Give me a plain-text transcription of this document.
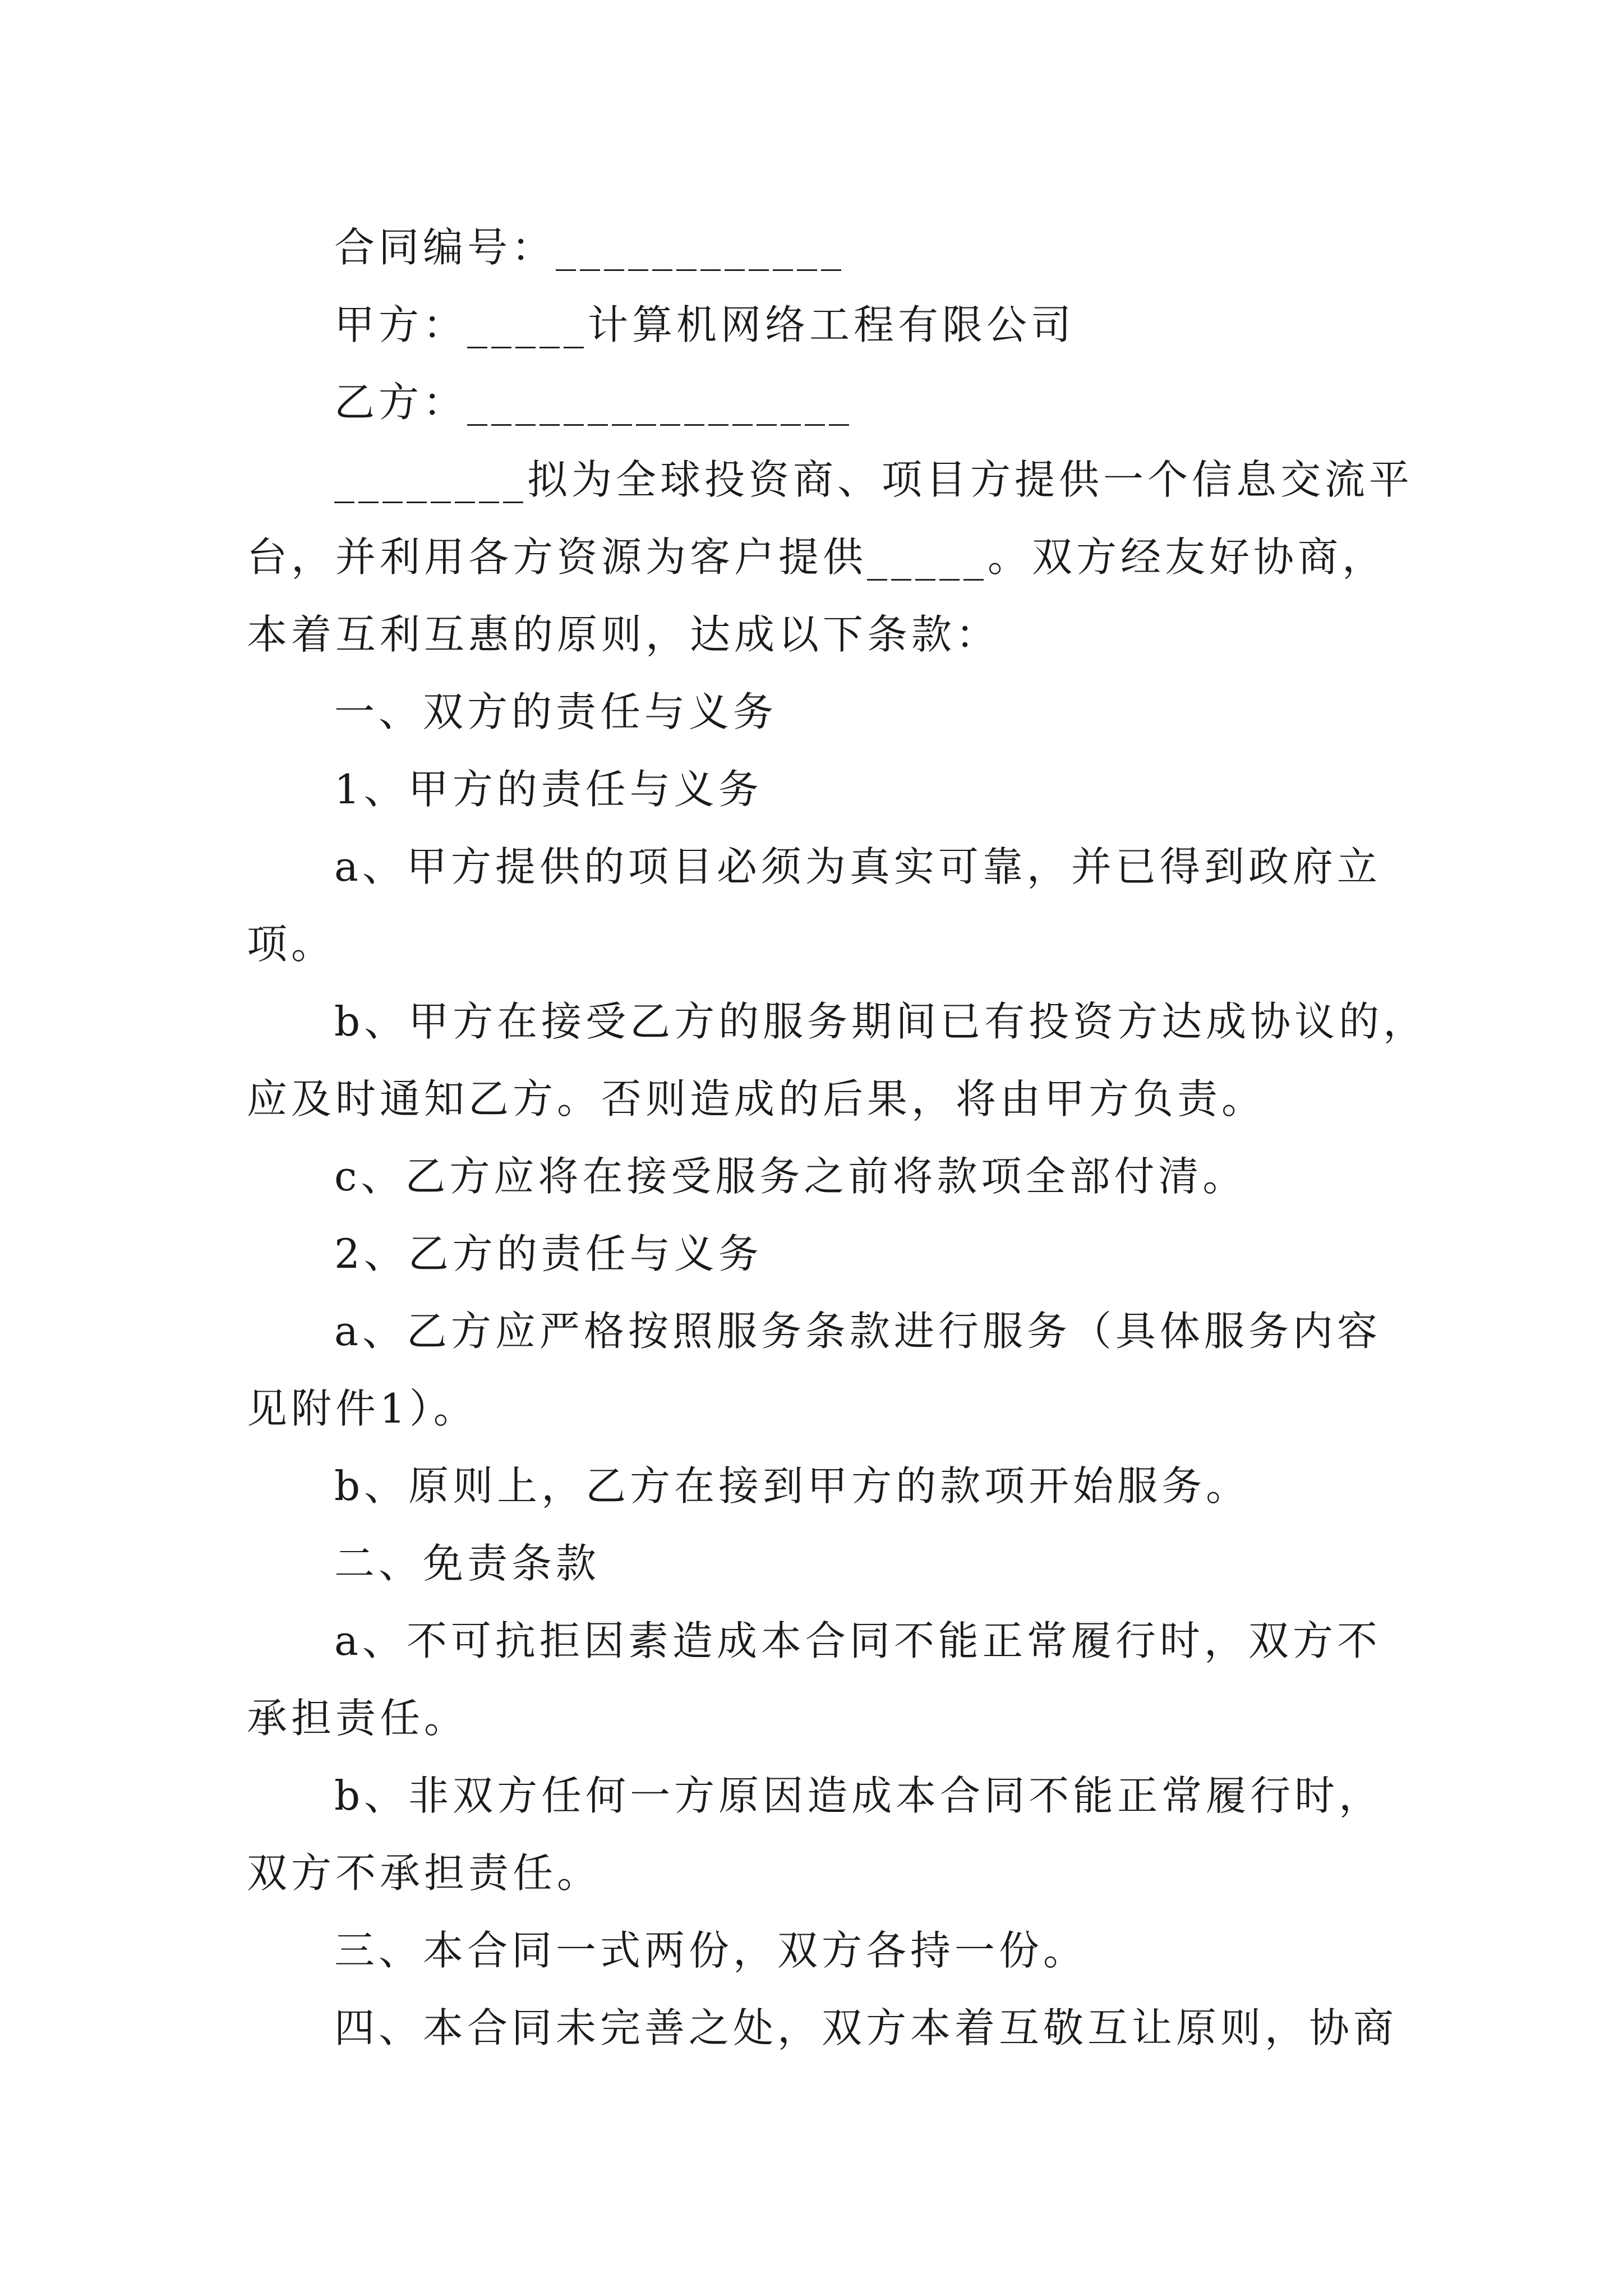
合同编号：____________
甲方：_____计算机网络工程有限公司
乙方：________________
________拟为全球投资商、项目方提供一个信息交流平
台，并利用各方资源为客户提供_____。双方经友好协商，
本着互利互惠的原则，达成以下条款：
一、双方的责任与义务
1、甲方的责任与义务
a、甲方提供的项目必须为真实可靠，并已得到政府立
项。
b、甲方在接受乙方的服务期间已有投资方达成协议的，
应及时通知乙方。否则造成的后果，将由甲方负责。
c、乙方应将在接受服务之前将款项全部付清。
2、乙方的责任与义务
a、乙方应严格按照服务条款进行服务（具体服务内容
见附件1）。
b、原则上，乙方在接到甲方的款项开始服务。
二、免责条款
a、不可抗拒因素造成本合同不能正常履行时，双方不
承担责任。
b、非双方任何一方原因造成本合同不能正常履行时，
双方不承担责任。
三、本合同一式两份，双方各持一份。
四、本合同未完善之处，双方本着互敬互让原则，协商
